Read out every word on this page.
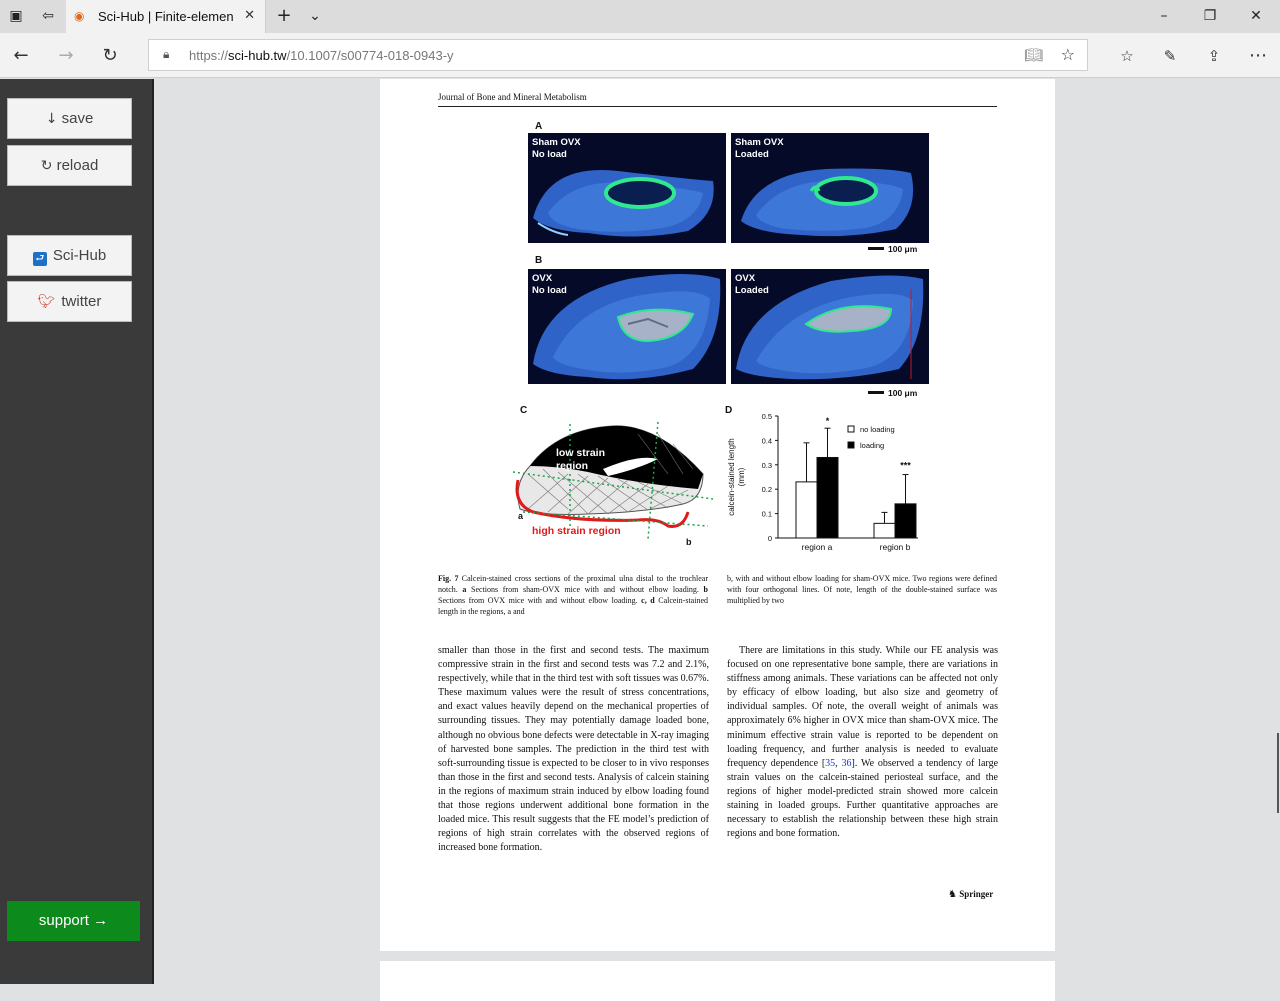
▣ ⇦ ◉	Sci-Hub | Finite-elemen ✕ + ⌄	–	❐ ✕
← → ↻	🔒︎	https://sci-hub.tw/10.1007/s00774-018-0943-y	📖︎ ☆	☆	✎	⇪ ⋯
↓ save
↻ reload
⮐ Sci-Hub
🐦︎ twitter
support →
Journal of Bone and Mineral Metabolism
A
Sham OVX
No load
Sham OVX
Loaded
100 μm
B
OVX
No load
OVX
Loaded
100 μm
C
low strain region
high strain region
a
b
D
0
0.1
0.2
0.3
0.4
0.5
calcein-stained length (mm)
region a
*
region b
***
no loading
loading
Fig. 7 Calcein-stained cross sections of the proximal ulna distal to the trochlear notch. a Sections from sham-OVX mice with and without elbow loading. b Sections from OVX mice with and without elbow loading. c, d Calcein-stained length in the regions, a and
b, with and without elbow loading for sham-OVX mice. Two regions were defined with four orthogonal lines. Of note, length of the double-stained surface was multiplied by two
smaller than those in the first and second tests. The maximum compressive strain in the first and second tests was 7.2 and 2.1%, respectively, while that in the third test with soft tissues was 0.67%. These maximum values were the result of stress concentrations, and exact values heavily depend on the mechanical properties of surrounding tissues. They may potentially damage loaded bone, although no obvious bone defects were detectable in X-ray imaging of harvested bone samples. The prediction in the third test with soft-surrounding tissue is expected to be closer to in vivo responses than those in the first and second tests. Analysis of calcein staining in the regions of maximum strain induced by elbow loading found that those regions underwent additional bone formation in the loaded mice. This result suggests that the FE model’s prediction of regions of high strain correlates with the observed regions of increased bone formation.
There are limitations in this study. While our FE analysis was focused on one representative bone sample, there are variations in stiffness among animals. These variations can be affected not only by efficacy of elbow loading, but also size and geometry of individual samples. Of note, the overall weight of animals was approximately 6% higher in OVX mice than sham-OVX mice. The minimum effective strain value is reported to be dependent on loading frequency, and further analysis is needed to evaluate frequency dependence [35, 36]. We observed a tendency of large strain values on the calcein-stained periosteal surface, and the regions of higher model-predicted strain showed more calcein staining in loaded groups. Further quantitative approaches are necessary to establish the relationship between these high strain regions and bone formation.
♞ Springer
